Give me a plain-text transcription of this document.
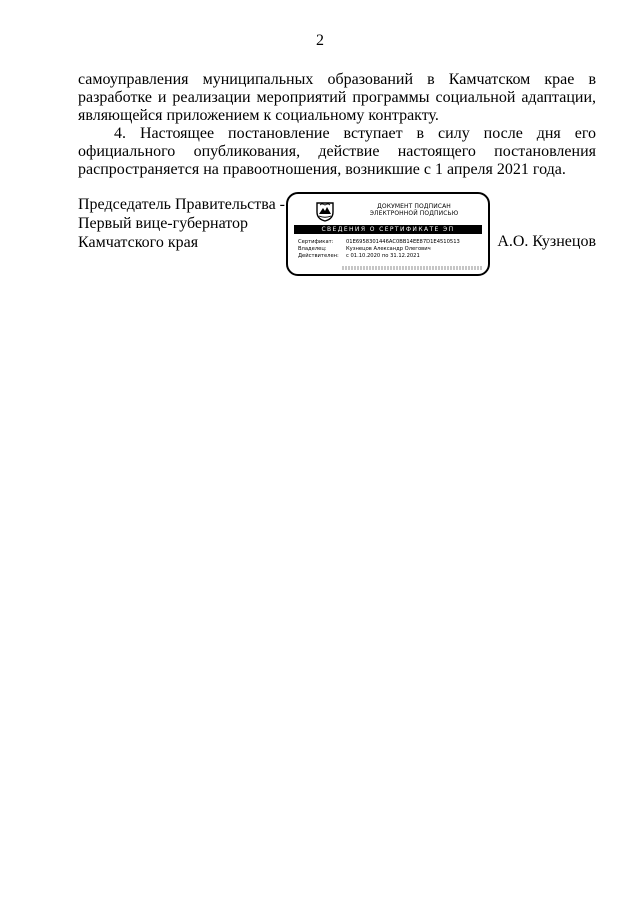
2

самоуправления муниципальных образований в Камчатском крае в разработке и реализации мероприятий программы социальной адаптации, являющейся приложением к социальному контракту.

4. Настоящее постановление вступает в силу после дня его официального опубликования, действие настоящего постановления распространяется на правоотношения, возникшие с 1 апреля 2021 года.

Председатель Правительства -
Первый вице-губернатор
Камчатского края
ДОКУМЕНТ ПОДПИСАН
ЭЛЕКТРОННОЙ ПОДПИСЬЮ
СВЕДЕНИЯ О СЕРТИФИКАТЕ ЭП
Сертификат:	01E6958301446AC0BB14EE87D1E4510513
Владелец:	Кузнецов Александр Олегович
Действителен:	с 01.10.2020 по 31.12.2021
А.О. Кузнецов
